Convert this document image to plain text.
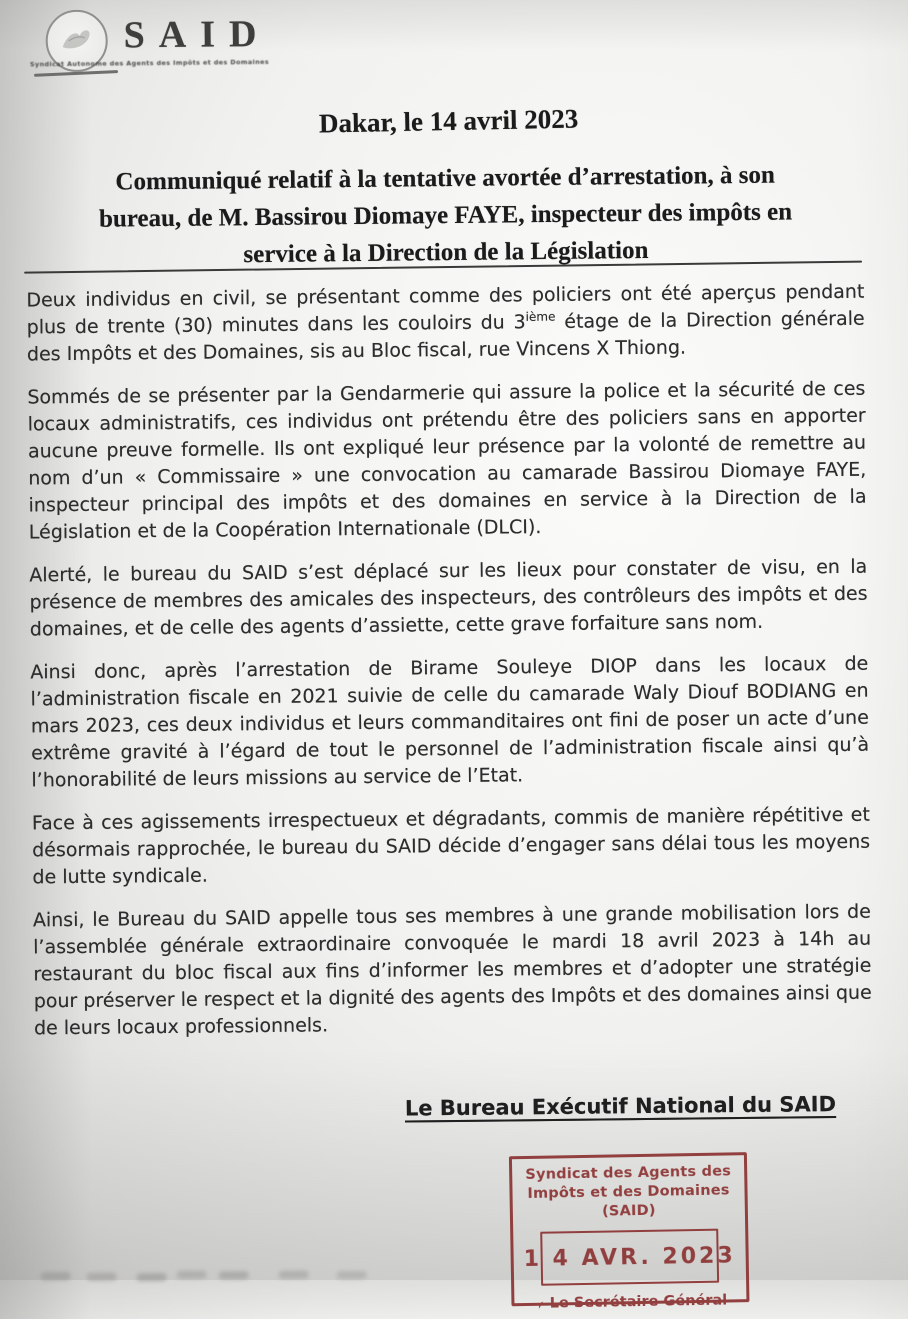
SAID
Syndicat Autonome des Agents des Impôts et des Domaines
Dakar, le 14 avril 2023
Communiqué relatif à la tentative avortée d’arrestation, à son
bureau, de M. Bassirou Diomaye FAYE, inspecteur des impôts en
service à la Direction de la Législation

Deux individus en civil, se présentant comme des policiers ont été aperçus pendant plus de trente (30) minutes dans les couloirs du 3ième étage de la Direction générale des Impôts et des Domaines, sis au Bloc fiscal, rue Vincens X Thiong.

Sommés de se présenter par la Gendarmerie qui assure la police et la sécurité de ces locaux administratifs, ces individus ont prétendu être des policiers sans en apporter aucune preuve formelle. Ils ont expliqué leur présence par la volonté de remettre au nom d’un « Commissaire » une convocation au camarade Bassirou Diomaye FAYE, inspecteur principal des impôts et des domaines en service à la Direction de la Législation et de la Coopération Internationale (DLCI).

Alerté, le bureau du SAID s’est déplacé sur les lieux pour constater de visu, en la présence de membres des amicales des inspecteurs, des contrôleurs des impôts et des domaines, et de celle des agents d’assiette, cette grave forfaiture sans nom.

Ainsi donc, après l’arrestation de Birame Souleye DIOP dans les locaux de l’administration fiscale en 2021 suivie de celle du camarade Waly Diouf BODIANG en mars 2023, ces deux individus et leurs commanditaires ont fini de poser un acte d’une extrême gravité à l’égard de tout le personnel de l’administration fiscale ainsi qu’à l’honorabilité de leurs missions au service de l’Etat.

Face à ces agissements irrespectueux et dégradants, commis de manière répétitive et désormais rapprochée, le bureau du SAID décide d’engager sans délai tous les moyens de lutte syndicale.

Ainsi, le Bureau du SAID appelle tous ses membres à une grande mobilisation lors de l’assemblée générale extraordinaire convoquée le mardi 18 avril 2023 à 14h au restaurant du bloc fiscal aux fins d’informer les membres et d’adopter une stratégie pour préserver le respect et la dignité des agents des Impôts et des domaines ainsi que de leurs locaux professionnels.

Le Bureau Exécutif National du SAID
Syndicat des Agents des
Impôts et des Domaines (SAID)
1 4 AVR. 2023
➢ Le Secrétaire Général
